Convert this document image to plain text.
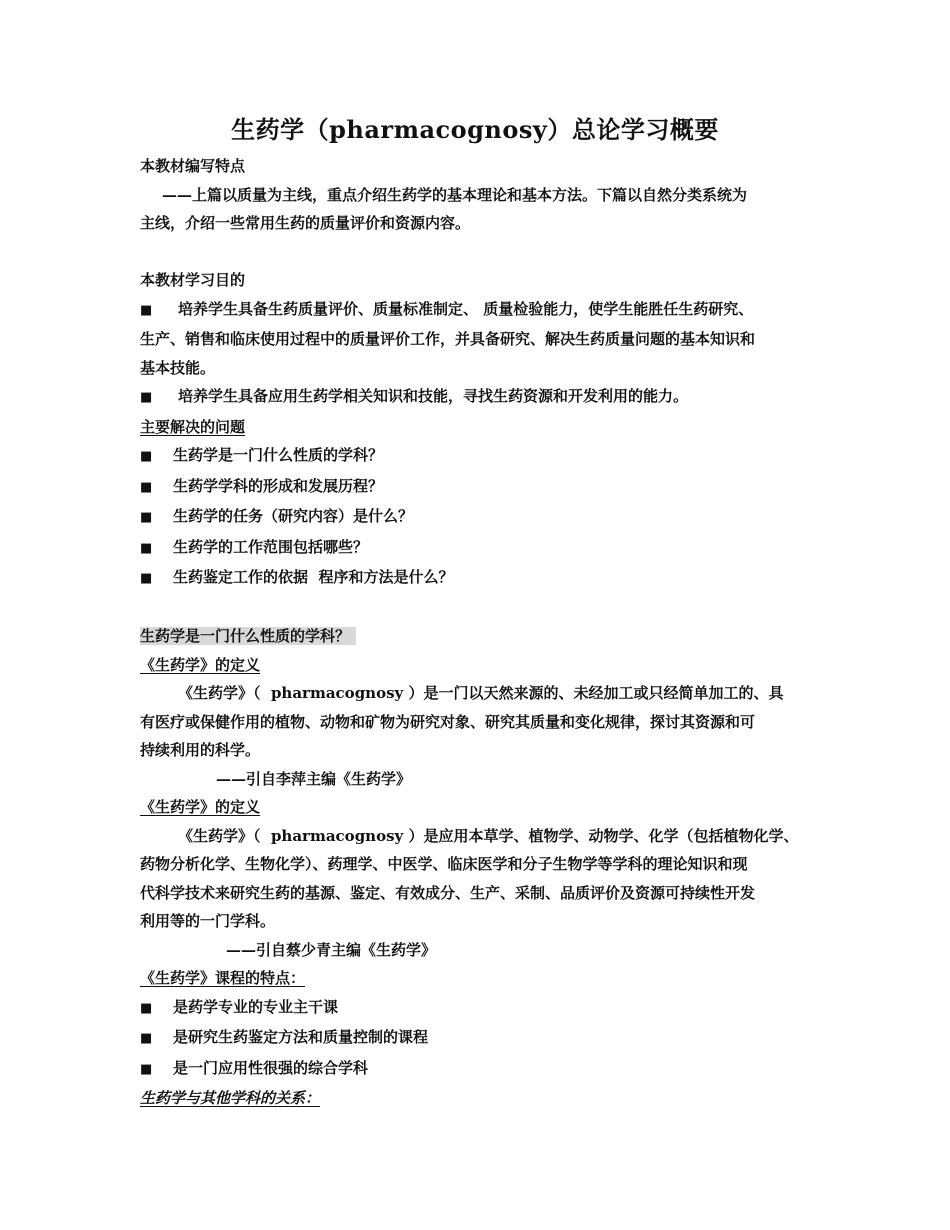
生药学（pharmacognosy）总论学习概要

本教材编写特点

——上篇以质量为主线，重点介绍生药学的基本理论和基本方法。下篇以自然分类系统为

主线，介绍一些常用生药的质量评价和资源内容。

本教材学习目的

■	培养学生具备生药质量评价、质量标准制定、 质量检验能力，使学生能胜任生药研究、

生产、销售和临床使用过程中的质量评价工作，并具备研究、解决生药质量问题的基本知识和

基本技能。

■	培养学生具备应用生药学相关知识和技能，寻找生药资源和开发利用的能力。

主要解决的问题

■	生药学是一门什么性质的学科？
■	生药学学科的形成和发展历程？
■	生药学的任务（研究内容）是什么？
■	生药学的工作范围包括哪些？
■	生药鉴定工作的依据  程序和方法是什么？

生药学是一门什么性质的学科？

《生药学》的定义

《生药学》（  pharmacognosy ）是一门以天然来源的、未经加工或只经简单加工的、具

有医疗或保健作用的植物、动物和矿物为研究对象、研究其质量和变化规律，探讨其资源和可

持续利用的科学。

——引自李萍主编《生药学》

《生药学》的定义

《生药学》（  pharmacognosy ）是应用本草学、植物学、动物学、化学（包括植物化学、

药物分析化学、生物化学）、药理学、中医学、临床医学和分子生物学等学科的理论知识和现

代科学技术来研究生药的基源、鉴定、有效成分、生产、采制、品质评价及资源可持续性开发

利用等的一门学科。

——引自蔡少青主编《生药学》

《生药学》课程的特点：

■	是药学专业的专业主干课
■	是研究生药鉴定方法和质量控制的课程
■	是一门应用性很强的综合学科

生药学与其他学科的关系：
